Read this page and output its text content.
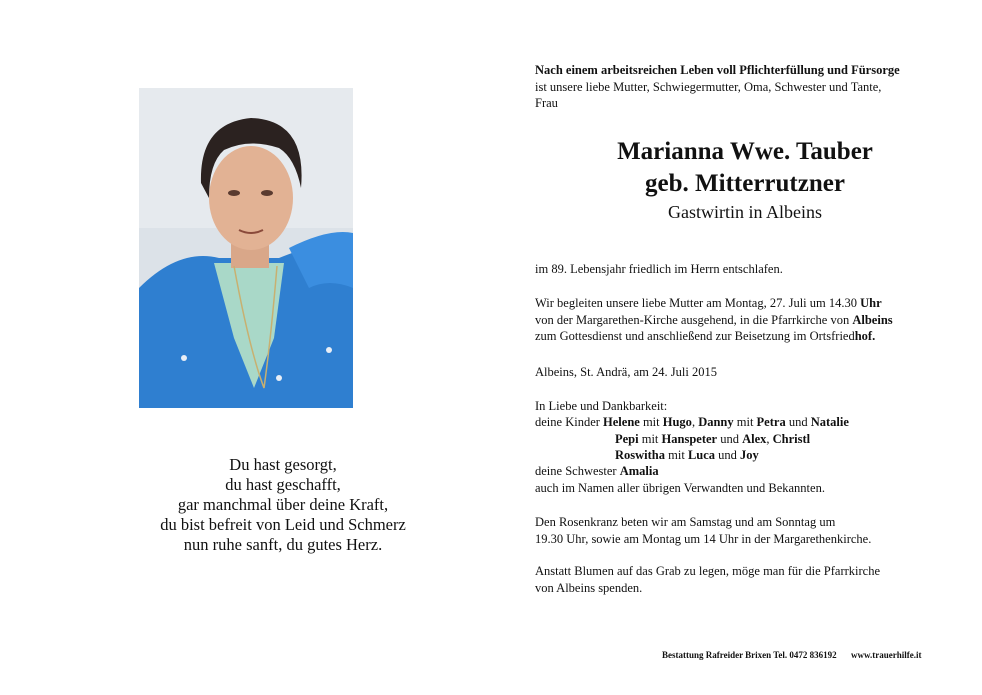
Du hast gesorgt,
du hast geschafft,
gar manchmal über deine Kraft,
du bist befreit von Leid und Schmerz
nun ruhe sanft, du gutes Herz.
Nach einem arbeitsreichen Leben voll Pflichterfüllung und Fürsorge
ist unsere liebe Mutter, Schwiegermutter, Oma, Schwester und Tante,
Frau
im 89. Lebensjahr friedlich im Herrn entschlafen.
Wir begleiten unsere liebe Mutter am Montag, 27. Juli um 14.30 Uhr
von der Margarethen-Kirche ausgehend, in die Pfarrkirche von Albeins
zum Gottesdienst und anschließend zur Beisetzung im Ortsfriedhof.
Albeins, St. Andrä, am 24. Juli 2015
In Liebe und Dankbarkeit:
deine Kinder Helene mit Hugo, Danny mit Petra und Natalie
Pepi mit Hanspeter und Alex, Christl
Roswitha mit Luca und Joy
deine Schwester Amalia
auch im Namen aller übrigen Verwandten und Bekannten.
Den Rosenkranz beten wir am Samstag und am Sonntag um
19.30 Uhr, sowie am Montag um 14 Uhr in der Margarethenkirche.
Anstatt Blumen auf das Grab zu legen, möge man für die Pfarrkirche
von Albeins spenden.
Marianna Wwe. Tauber
geb. Mitterrutzner
Gastwirtin in Albeins
Bestattung Rafreider Brixen Tel. 0472 836192 www.trauerhilfe.it
